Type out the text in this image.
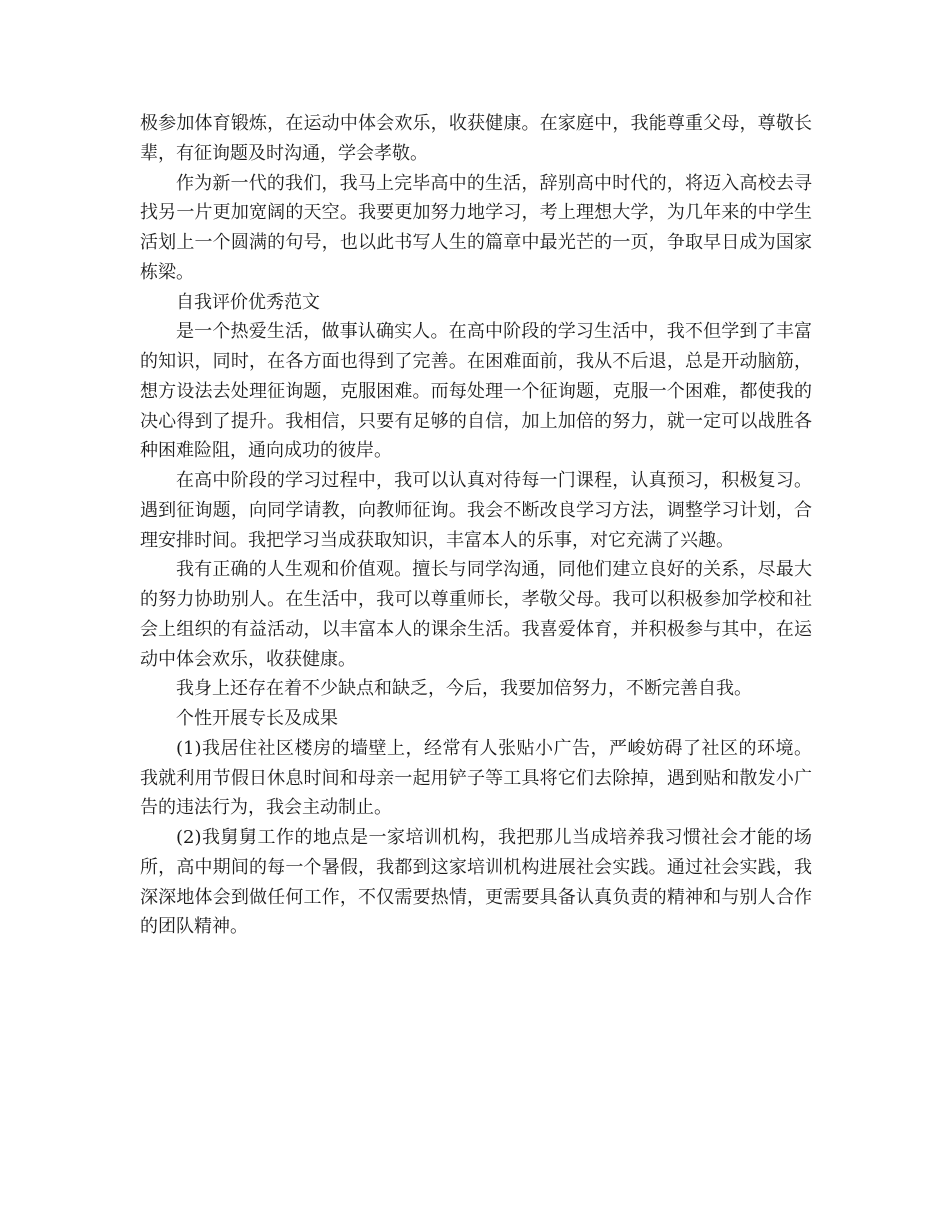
极参加体育锻炼，在运动中体会欢乐，收获健康。在家庭中，我能尊重父母，尊敬长辈，有征询题及时沟通，学会孝敬。

作为新一代的我们，我马上完毕高中的生活，辞别高中时代的，将迈入高校去寻找另一片更加宽阔的天空。我要更加努力地学习，考上理想大学，为几年来的中学生活划上一个圆满的句号，也以此书写人生的篇章中最光芒的一页，争取早日成为国家栋梁。

自我评价优秀范文

是一个热爱生活，做事认确实人。在高中阶段的学习生活中，我不但学到了丰富的知识，同时，在各方面也得到了完善。在困难面前，我从不后退，总是开动脑筋，想方设法去处理征询题，克服困难。而每处理一个征询题，克服一个困难，都使我的决心得到了提升。我相信，只要有足够的自信，加上加倍的努力，就一定可以战胜各种困难险阻，通向成功的彼岸。

在高中阶段的学习过程中，我可以认真对待每一门课程，认真预习，积极复习。遇到征询题，向同学请教，向教师征询。我会不断改良学习方法，调整学习计划，合理安排时间。我把学习当成获取知识，丰富本人的乐事，对它充满了兴趣。

我有正确的人生观和价值观。擅长与同学沟通，同他们建立良好的关系，尽最大的努力协助别人。在生活中，我可以尊重师长，孝敬父母。我可以积极参加学校和社会上组织的有益活动，以丰富本人的课余生活。我喜爱体育，并积极参与其中，在运动中体会欢乐，收获健康。

我身上还存在着不少缺点和缺乏，今后，我要加倍努力，不断完善自我。

个性开展专长及成果

(1)我居住社区楼房的墙壁上，经常有人张贴小广告，严峻妨碍了社区的环境。我就利用节假日休息时间和母亲一起用铲子等工具将它们去除掉，遇到贴和散发小广告的违法行为，我会主动制止。

(2)我舅舅工作的地点是一家培训机构，我把那儿当成培养我习惯社会才能的场所，高中期间的每一个暑假，我都到这家培训机构进展社会实践。通过社会实践，我深深地体会到做任何工作，不仅需要热情，更需要具备认真负责的精神和与别人合作的团队精神。
